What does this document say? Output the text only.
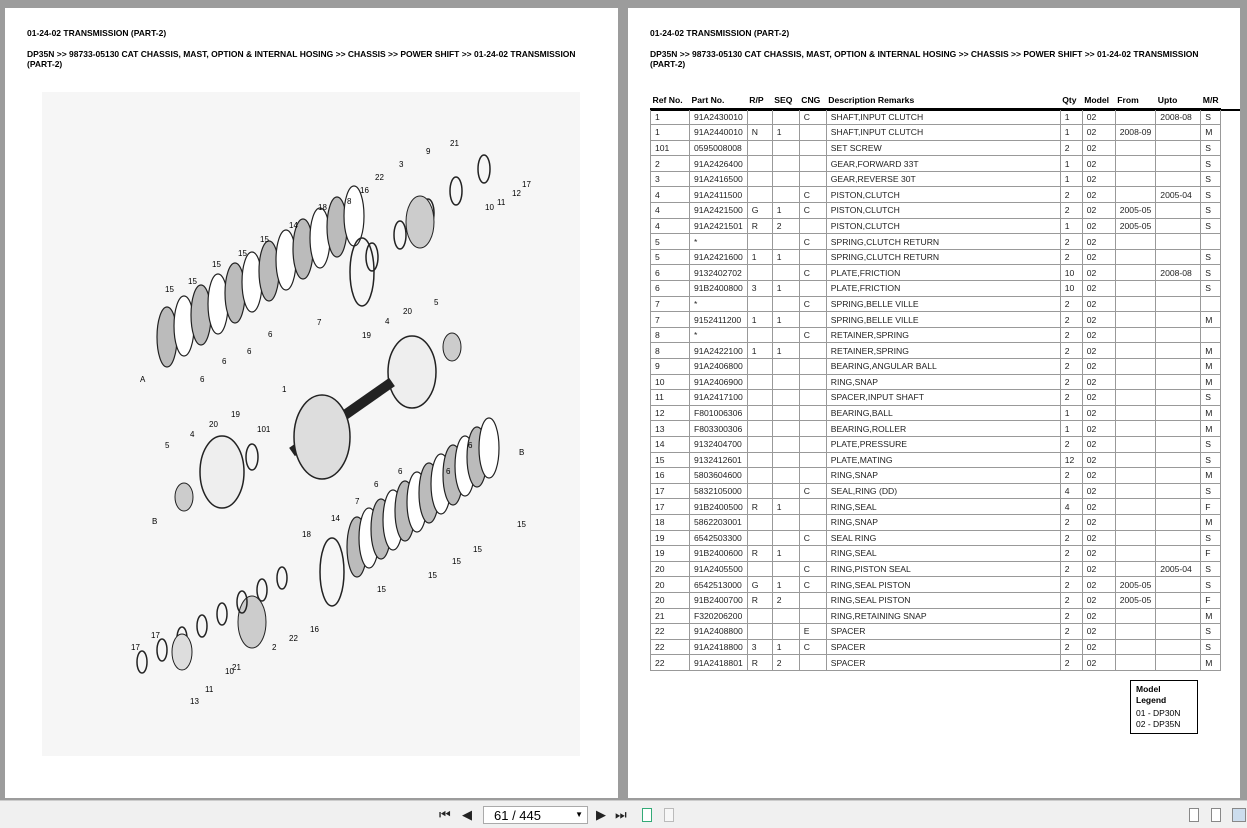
01-24-02 TRANSMISSION (PART-2)
DP35N >> 98733-05130 CAT CHASSIS, MAST, OPTION & INTERNAL HOSING >> CHASSIS >> POWER SHIFT >> 01-24-02 TRANSMISSION (PART-2)
21
9
3
22
10
11
12
17
16
8
18
14
15
15
15
15
15
7
6
6
6
6
A
5
20
4
19
1
101
20
19
5
4
B
6
6
6
7
6
14
18
15
15
15
15
B
2
22
16
17
17
10
21
11
13
15
01-24-02 TRANSMISSION (PART-2)
DP35N >> 98733-05130 CAT CHASSIS, MAST, OPTION & INTERNAL HOSING >> CHASSIS >> POWER SHIFT >> 01-24-02 TRANSMISSION (PART-2)
Ref No.	Part No.	R/P	SEQ	CNG	Description Remarks	Qty	Model	From	Upto	M/R
1	91A2430010			C	SHAFT,INPUT CLUTCH	1	02		2008-08	S
1	91A2440010	N	1		SHAFT,INPUT CLUTCH	1	02	2008-09		M
101	0595008008				SET SCREW	2	02			S
2	91A2426400				GEAR,FORWARD 33T	1	02			S
3	91A2416500				GEAR,REVERSE 30T	1	02			S
4	91A2411500			C	PISTON,CLUTCH	2	02		2005-04	S
4	91A2421500	G	1	C	PISTON,CLUTCH	2	02	2005-05		S
4	91A2421501	R	2		PISTON,CLUTCH	1	02	2005-05		S
5	*			C	SPRING,CLUTCH RETURN	2	02			
5	91A2421600	1	1		SPRING,CLUTCH RETURN	2	02			S
6	9132402702			C	PLATE,FRICTION	10	02		2008-08	S
6	91B2400800	3	1		PLATE,FRICTION	10	02			S
7	*			C	SPRING,BELLE VILLE	2	02			
7	9152411200	1	1		SPRING,BELLE VILLE	2	02			M
8	*			C	RETAINER,SPRING	2	02			
8	91A2422100	1	1		RETAINER,SPRING	2	02			M
9	91A2406800				BEARING,ANGULAR BALL	2	02			M
10	91A2406900				RING,SNAP	2	02			M
11	91A2417100				SPACER,INPUT SHAFT	2	02			S
12	F801006306				BEARING,BALL	1	02			M
13	F803300306				BEARING,ROLLER	1	02			M
14	9132404700				PLATE,PRESSURE	2	02			S
15	9132412601				PLATE,MATING	12	02			S
16	5803604600				RING,SNAP	2	02			M
17	5832105000			C	SEAL,RING (DD)	4	02			S
17	91B2400500	R	1		RING,SEAL	4	02			F
18	5862203001				RING,SNAP	2	02			M
19	6542503300			C	SEAL RING	2	02			S
19	91B2400600	R	1		RING,SEAL	2	02			F
20	91A2405500			C	RING,PISTON SEAL	2	02		2005-04	S
20	6542513000	G	1	C	RING,SEAL PISTON	2	02	2005-05		S
20	91B2400700	R	2		RING,SEAL PISTON	2	02	2005-05		F
21	F320206200				RING,RETAINING SNAP	2	02			M
22	91A2408800			E	SPACER	2	02			S
22	91A2418800	3	1	C	SPACER	2	02			S
22	91A2418801	R	2		SPACER	2	02			M
Model Legend
01 - DP30N
02 - DP35N
⏮ ◀	61 / 445	▼ ▶ ⏭
